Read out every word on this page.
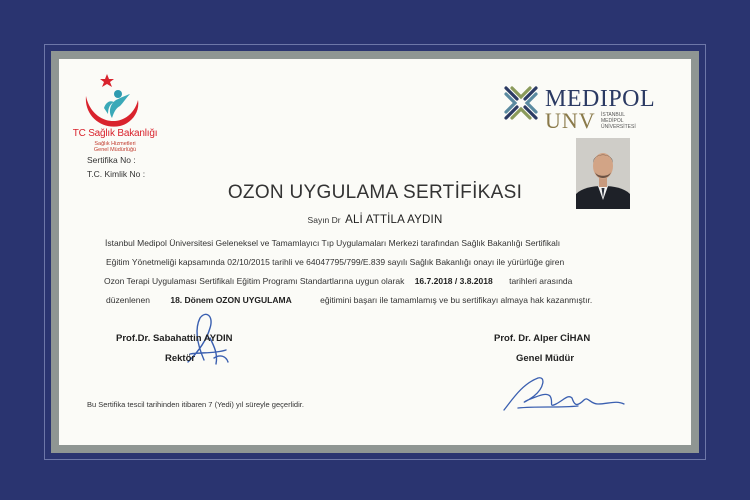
TC Sağlık Bakanlığı
Sağlık Hizmetleri
Genel Müdürlüğü
Sertifika No :
T.C. Kimlik No :
MEDIPOL
UNV İSTANBUL
MEDİPOL
ÜNİVERSİTESİ
OZON UYGULAMA SERTİFİKASI
Sayın Dr ALİ ATTİLA AYDIN
İstanbul Medipol Üniversitesi Geleneksel ve Tamamlayıcı Tıp Uygulamaları Merkezi tarafından Sağlık Bakanlığı Sertifikalı
Eğitim Yönetmeliği kapsamında 02/10/2015 tarihli ve 64047795/799/E.839 sayılı Sağlık Bakanlığı onayı ile yürürlüğe giren
Ozon Terapi Uygulaması Sertifikalı Eğitim Programı Standartlarına uygun olarak 16.7.2018 / 3.8.2018 tarihleri arasında
düzenlenen 18. Dönem OZON UYGULAMA	eğitimini başarı ile tamamlamış ve bu sertifikayı almaya hak kazanmıştır.
Prof.Dr. Sabahattin AYDIN
Rektör
Prof. Dr. Alper CİHAN
Genel Müdür
Bu Sertifika tescil tarihinden itibaren 7 (Yedi) yıl süreyle geçerlidir.
